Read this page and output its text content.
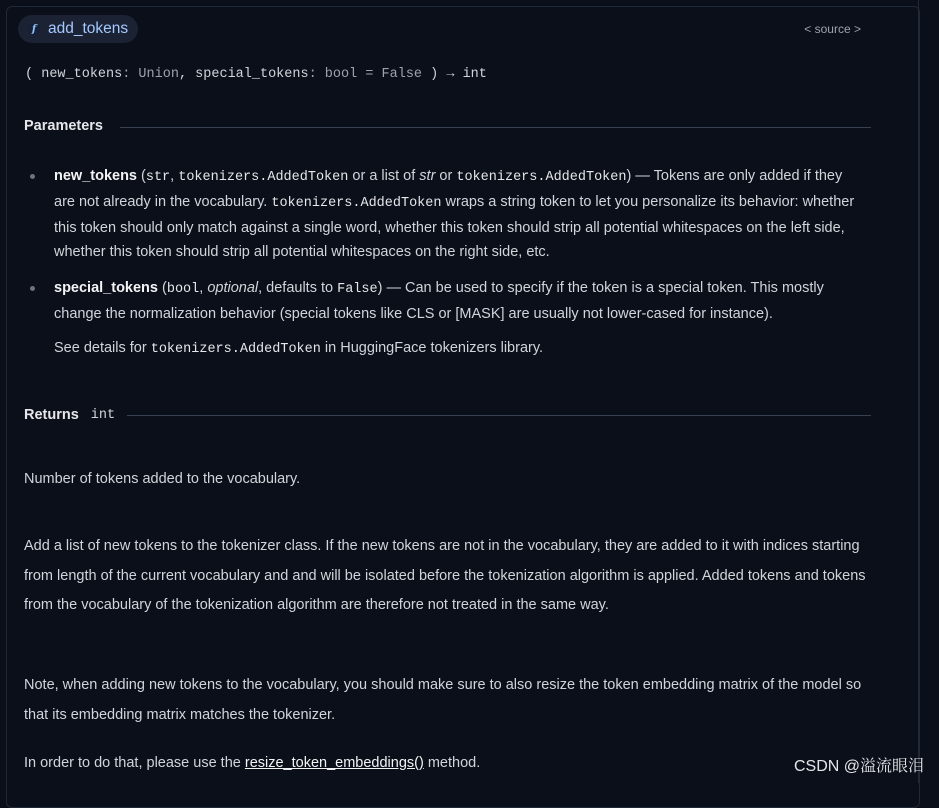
f add_tokens	< source >
( new_tokens: Union, special_tokens: bool = False ) → int
Parameters
new_tokens (str, tokenizers.AddedToken or a list of str or tokenizers.AddedToken) — Tokens are only added if they are not already in the vocabulary. tokenizers.AddedToken wraps a string token to let you personalize its behavior: whether this token should only match against a single word, whether this token should strip all potential whitespaces on the left side, whether this token should strip all potential whitespaces on the right side, etc.
special_tokens (bool, optional, defaults to False) — Can be used to specify if the token is a special token. This mostly change the normalization behavior (special tokens like CLS or [MASK] are usually not lower-cased for instance).
See details for tokenizers.AddedToken in HuggingFace tokenizers library.
Returns int
Number of tokens added to the vocabulary.
Add a list of new tokens to the tokenizer class. If the new tokens are not in the vocabulary, they are added to it with indices starting from length of the current vocabulary and and will be isolated before the tokenization algorithm is applied. Added tokens and tokens from the vocabulary of the tokenization algorithm are therefore not treated in the same way.
Note, when adding new tokens to the vocabulary, you should make sure to also resize the token embedding matrix of the model so that its embedding matrix matches the tokenizer.
In order to do that, please use the resize_token_embeddings() method.	CSDN @溢流眼泪
